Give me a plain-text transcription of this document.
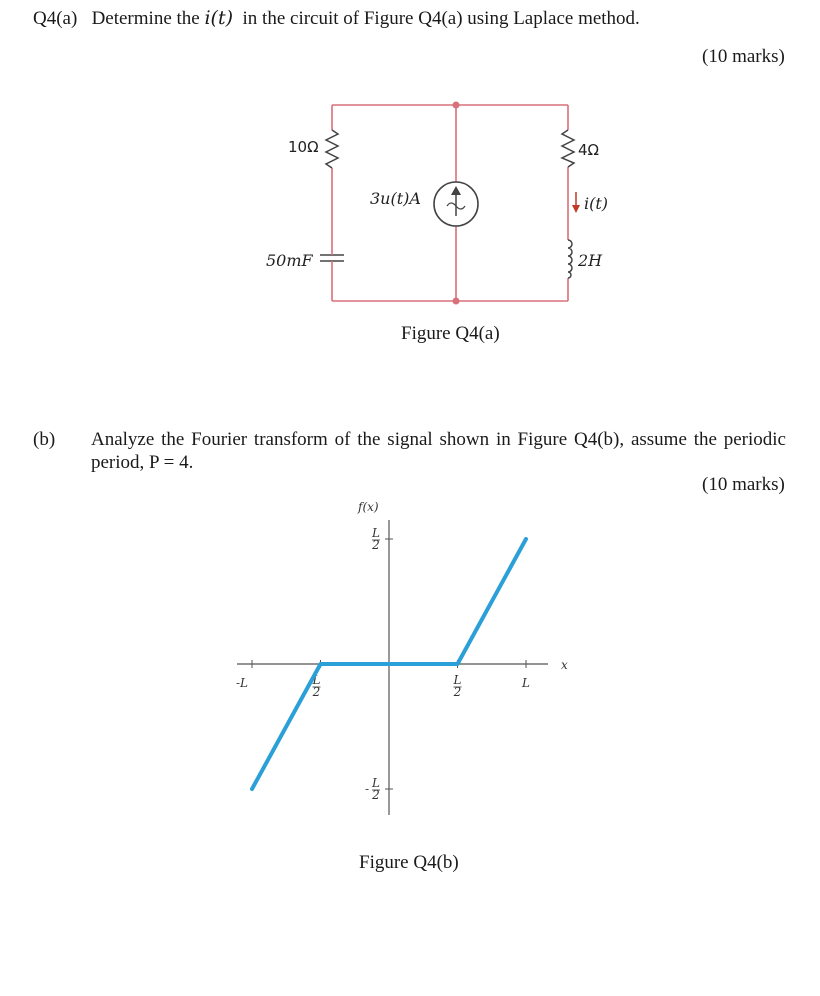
Q4(a) Determine the i(t) in the circuit of Figure Q4(a) using Laplace method.
(10 marks)
10Ω
50mF
3u(t)A
4Ω
i(t)
2H
Figure Q4(a)
(b) Analyze the Fourier transform of the signal shown in Figure Q4(b), assume the periodic
period, P = 4.
(10 marks)
-L	- L
2
L
2
L
L
2
- L
2
f(x)
x
Figure Q4(b)
